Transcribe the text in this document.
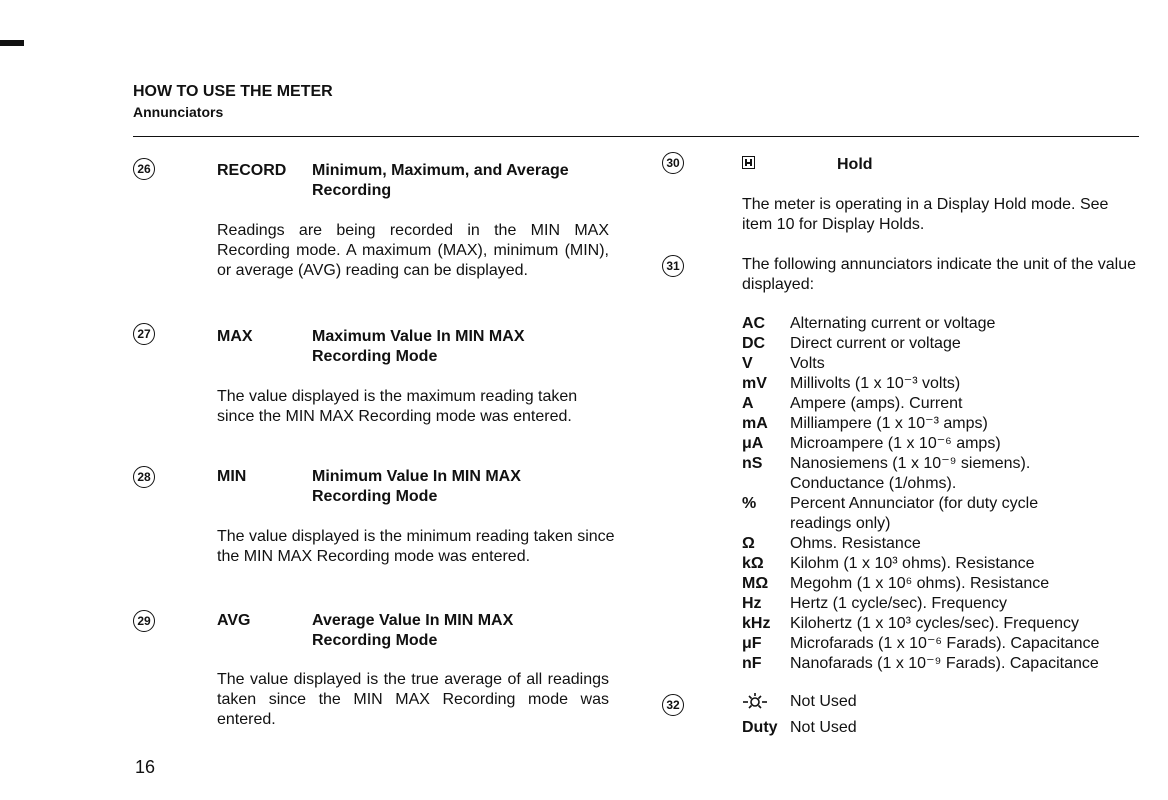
HOW TO USE THE METER
Annunciators
26	RECORD Minimum, Maximum, and Average Recording
Readings are being recorded in the MIN MAX Recording mode. A maximum (MAX), minimum (MIN), or average (AVG) reading can be displayed.
27	MAX	Maximum Value In MIN MAX Recording Mode
The value displayed is the maximum reading taken since the MIN MAX Recording mode was entered.
28	MIN	Minimum Value In MIN MAX Recording Mode
The value displayed is the minimum reading taken since the MIN MAX Recording mode was entered.
29	AVG	Average Value In MIN MAX Recording Mode
The value displayed is the true average of all readings taken since the MIN MAX Recording mode was entered.
30	Hold
The meter is operating in a Display Hold mode. See item 10 for Display Holds.
31	The following annunciators indicate the unit of the value displayed:
AC	Alternating current or voltage
DC	Direct current or voltage
V	Volts
mV	Millivolts (1 x 10⁻³ volts)
A	Ampere (amps). Current
mA	Milliampere (1 x 10⁻³ amps)
μA	Microampere (1 x 10⁻⁶ amps)
nS	Nanosiemens (1 x 10⁻⁹ siemens). Conductance (1/ohms).
%	Percent Annunciator (for duty cycle readings only)
Ω	Ohms. Resistance
kΩ	Kilohm (1 x 10³ ohms). Resistance
MΩ	Megohm (1 x 10⁶ ohms). Resistance
Hz	Hertz (1 cycle/sec). Frequency
kHz	Kilohertz (1 x 10³ cycles/sec). Frequency
μF	Microfarads (1 x 10⁻⁶ Farads). Capacitance
nF	Nanofarads (1 x 10⁻⁹ Farads). Capacitance
32	Not Used
Duty Not Used
16
